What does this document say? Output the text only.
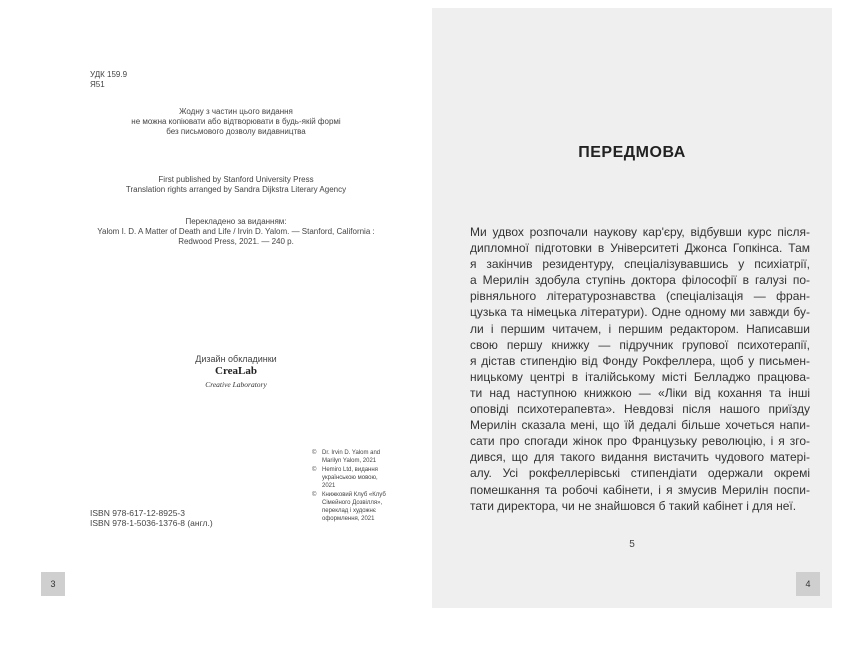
УДК 159.9
Я51
Жодну з частин цього видання
не можна копіювати або відтворювати в будь-якій формі
без письмового дозволу видавництва
First published by Stanford University Press
Translation rights arranged by Sandra Dijkstra Literary Agency
Перекладено за виданням:
Yalom I. D. A Matter of Death and Life / Irvin D. Yalom. — Stanford, California :
Redwood Press, 2021. — 240 р.
Дизайн обкладинки
CreaLab
Creative Laboratory
© Dr. Irvin D. Yalom and
Marilyn Yalom, 2021
© Hemiro Ltd, видання
українською мовою,
2021
© Книжковий Клуб «Клуб
Сімейного Дозвілля»,
переклад і художнє
оформлення, 2021
ISBN 978-617-12-8925-3
ISBN 978-1-5036-1376-8 (англ.)
ПЕРЕДМОВА
Ми удвох розпочали наукову кар'єру, відбувши курс після-
дипломної підготовки в Університеті Джонса Гопкінса. Там
я закінчив резидентуру, спеціалізувавшись у психіатрії,
а Мерилін здобула ступінь доктора філософії в галузі по-
рівняльного літературознавства (спеціалізація — фран-
цузька та німецька літератури). Одне одному ми завжди бу-
ли і першим читачем, і першим редактором. Написавши
свою першу книжку — підручник групової психотерапії,
я дістав стипендію від Фонду Рокфеллера, щоб у письмен-
ницькому центрі в італійському місті Белладжо працюва-
ти над наступною книжкою — «Ліки від кохання та інші
оповіді психотерапевта». Невдовзі після нашого приїзду
Мерилін сказала мені, що їй дедалі більше хочеться напи-
сати про спогади жінок про Французьку революцію, і я зго-
дився, що для такого видання вистачить чудового матері-
алу. Усі рокфеллерівські стипендіати одержали окремі
помешкання та робочі кабінети, і я змусив Мерилін поспи-
тати директора, чи не знайшовся б такий кабінет і для неї.
5
3	4
